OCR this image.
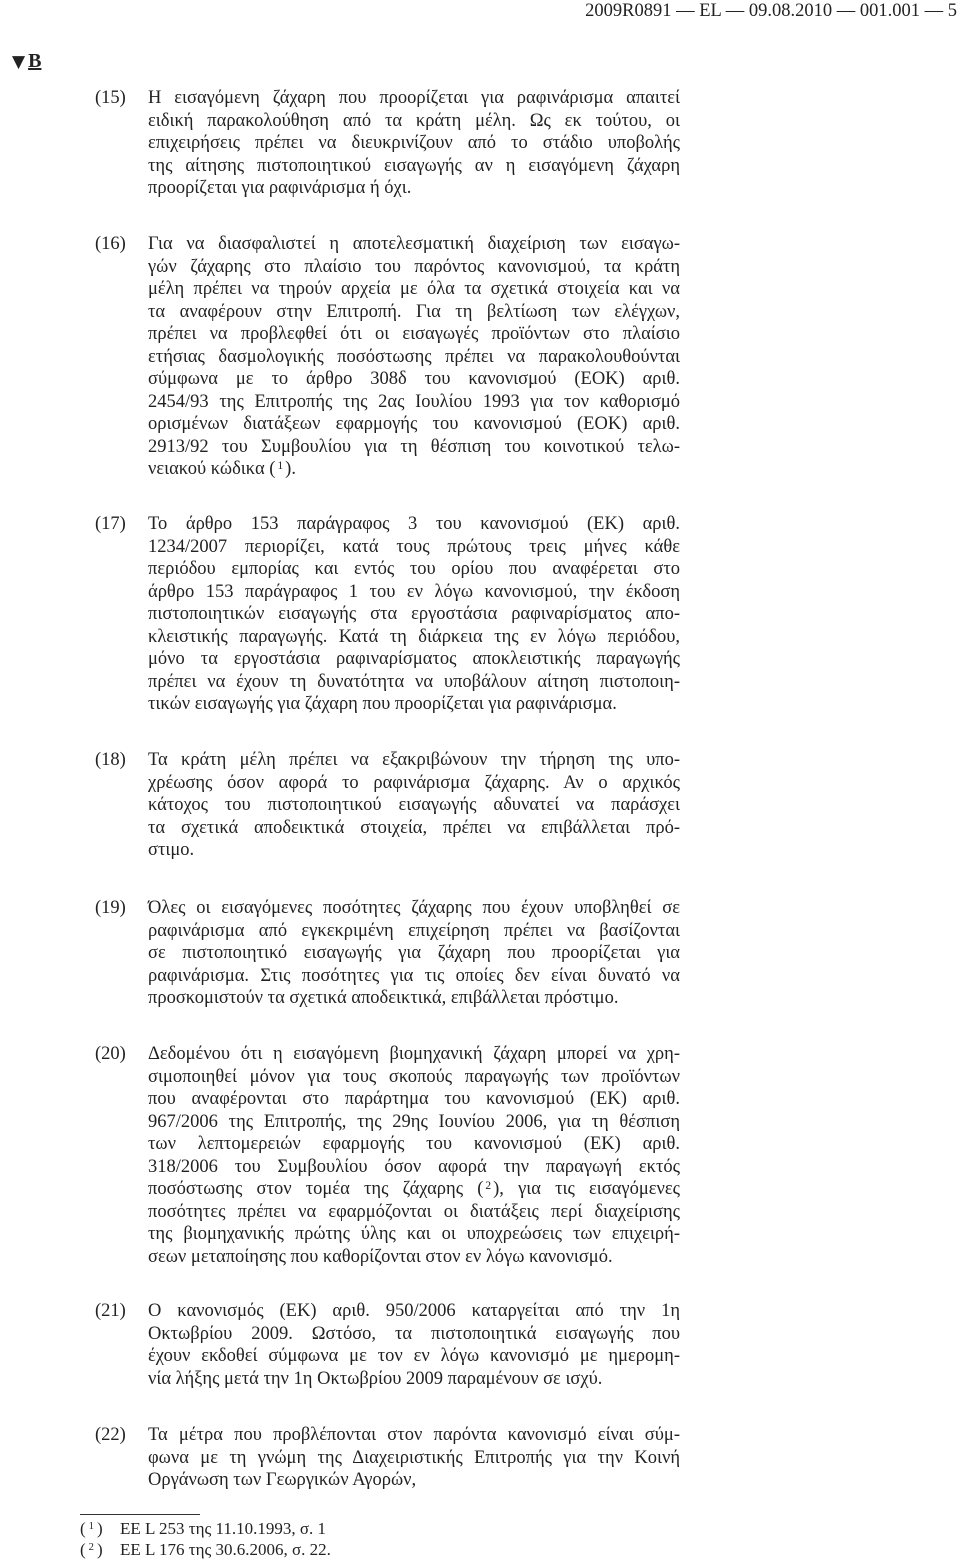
2009R0891 — EL — 09.08.2010 — 001.001 — 5
▼ B
(15) Η εισαγόμενη ζάχαρη που προορίζεται για ραφινάρισμα απαιτεί
ειδική παρακολούθηση από τα κράτη μέλη. Ως εκ τούτου, οι
επιχειρήσεις πρέπει να διευκρινίζουν από το στάδιο υποβολής
της αίτησης πιστοποιητικού εισαγωγής αν η εισαγόμενη ζάχαρη
προορίζεται για ραφινάρισμα ή όχι.
(16) Για να διασφαλιστεί η αποτελεσματική διαχείριση των εισαγω-
γών ζάχαρης στο πλαίσιο του παρόντος κανονισμού, τα κράτη
μέλη πρέπει να τηρούν αρχεία με όλα τα σχετικά στοιχεία και να
τα αναφέρουν στην Επιτροπή. Για τη βελτίωση των ελέγχων,
πρέπει να προβλεφθεί ότι οι εισαγωγές προϊόντων στο πλαίσιο
ετήσιας δασμολογικής ποσόστωσης πρέπει να παρακολουθούνται
σύμφωνα με το άρθρο 308δ του κανονισμού (ΕΟΚ) αριθ.
2454/93 της Επιτροπής της 2ας Ιουλίου 1993 για τον καθορισμό
ορισμένων διατάξεων εφαρμογής του κανονισμού (ΕΟΚ) αριθ.
2913/92 του Συμβουλίου για τη θέσπιση του κοινοτικού τελω-
νειακού κώδικα ( $^1$ ).
(17) Το άρθρο 153 παράγραφος 3 του κανονισμού (ΕΚ) αριθ.
1234/2007 περιορίζει, κατά τους πρώτους τρεις μήνες κάθε
περιόδου εμπορίας και εντός του ορίου που αναφέρεται στο
άρθρο 153 παράγραφος 1 του εν λόγω κανονισμού, την έκδοση
πιστοποιητικών εισαγωγής στα εργοστάσια ραφιναρίσματος απο-
κλειστικής παραγωγής. Κατά τη διάρκεια της εν λόγω περιόδου,
μόνο τα εργοστάσια ραφιναρίσματος αποκλειστικής παραγωγής
πρέπει να έχουν τη δυνατότητα να υποβάλουν αίτηση πιστοποιη-
τικών εισαγωγής για ζάχαρη που προορίζεται για ραφινάρισμα.
(18) Τα κράτη μέλη πρέπει να εξακριβώνουν την τήρηση της υπο-
χρέωσης όσον αφορά το ραφινάρισμα ζάχαρης. Αν ο αρχικός
κάτοχος του πιστοποιητικού εισαγωγής αδυνατεί να παράσχει
τα σχετικά αποδεικτικά στοιχεία, πρέπει να επιβάλλεται πρό-
στιμο.
(19) Όλες οι εισαγόμενες ποσότητες ζάχαρης που έχουν υποβληθεί σε
ραφινάρισμα από εγκεκριμένη επιχείρηση πρέπει να βασίζονται
σε πιστοποιητικό εισαγωγής για ζάχαρη που προορίζεται για
ραφινάρισμα. Στις ποσότητες για τις οποίες δεν είναι δυνατό να
προσκομιστούν τα σχετικά αποδεικτικά, επιβάλλεται πρόστιμο.
(20) Δεδομένου ότι η εισαγόμενη βιομηχανική ζάχαρη μπορεί να χρη-
σιμοποιηθεί μόνον για τους σκοπούς παραγωγής των προϊόντων
που αναφέρονται στο παράρτημα του κανονισμού (ΕΚ) αριθ.
967/2006 της Επιτροπής, της 29ης Ιουνίου 2006, για τη θέσπιση
των λεπτομερειών εφαρμογής του κανονισμού (ΕΚ) αριθ.
318/2006 του Συμβουλίου όσον αφορά την παραγωγή εκτός
ποσόστωσης στον τομέα της ζάχαρης ( $^2$ ), για τις εισαγόμενες
ποσότητες πρέπει να εφαρμόζονται οι διατάξεις περί διαχείρισης
της βιομηχανικής πρώτης ύλης και οι υποχρεώσεις των επιχειρή-
σεων μεταποίησης που καθορίζονται στον εν λόγω κανονισμό.
(21) Ο κανονισμός (ΕΚ) αριθ. 950/2006 καταργείται από την 1η
Οκτωβρίου 2009. Ωστόσο, τα πιστοποιητικά εισαγωγής που
έχουν εκδοθεί σύμφωνα με τον εν λόγω κανονισμό με ημερομη-
νία λήξης μετά την 1η Οκτωβρίου 2009 παραμένουν σε ισχύ.
(22) Τα μέτρα που προβλέπονται στον παρόντα κανονισμό είναι σύμ-
φωνα με τη γνώμη της Διαχειριστικής Επιτροπής για την Κοινή
Οργάνωση των Γεωργικών Αγορών,
( $^1$ ) ΕΕ L 253 της 11.10.1993, σ. 1
( $^2$ ) ΕΕ L 176 της 30.6.2006, σ. 22.
